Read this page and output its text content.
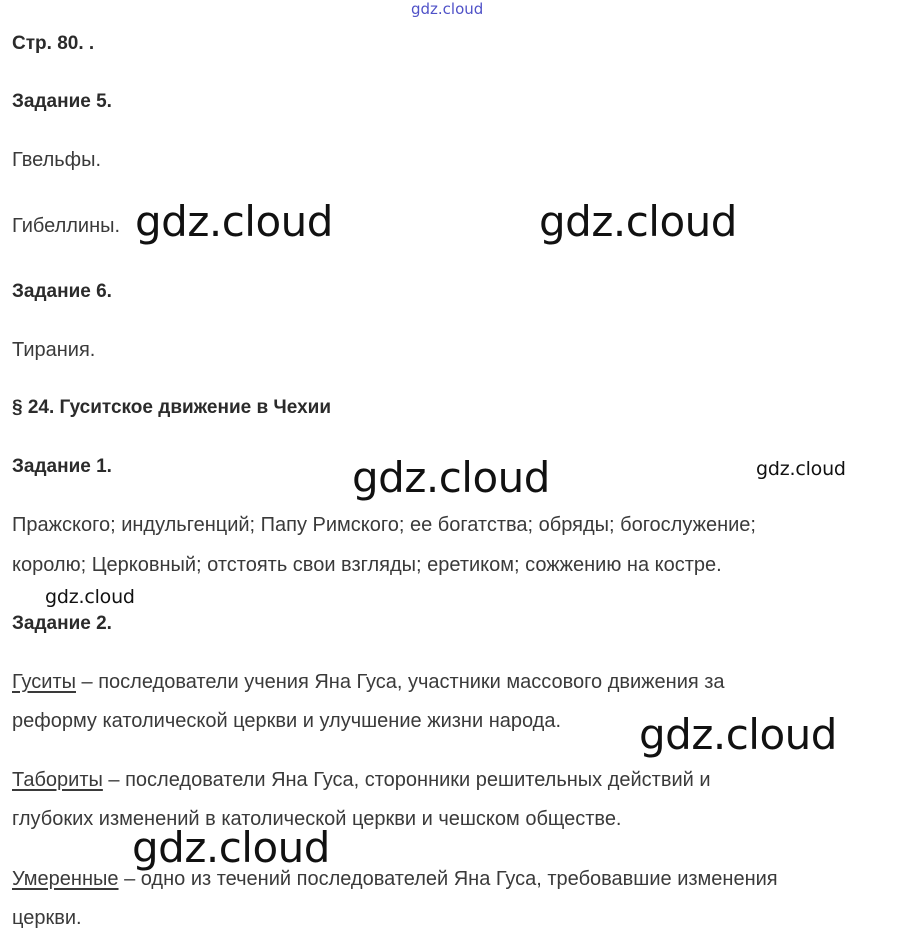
Стр. 80. .
Задание 5.
Гвельфы.
Гибеллины.
Задание 6.
Тирания.
§ 24. Гуситское движение в Чехии
Задание 1.
Пражского; индульгенций; Папу Римского; ее богатства; обряды; богослужение;
королю; Церковный; отстоять свои взгляды; еретиком; сожжению на костре.
Задание 2.
Гуситы – последователи учения Яна Гуса, участники массового движения за
реформу католической церкви и улучшение жизни народа.
Табориты – последователи Яна Гуса, сторонники решительных действий и
глубоких изменений в католической церкви и чешском обществе.
Умеренные – одно из течений последователей Яна Гуса, требовавшие изменения
церкви.
gdz.cloud
gdz.cloud	gdz.cloud
gdz.cloud	gdz.cloud
gdz.cloud
gdz.cloud
gdz.cloud
